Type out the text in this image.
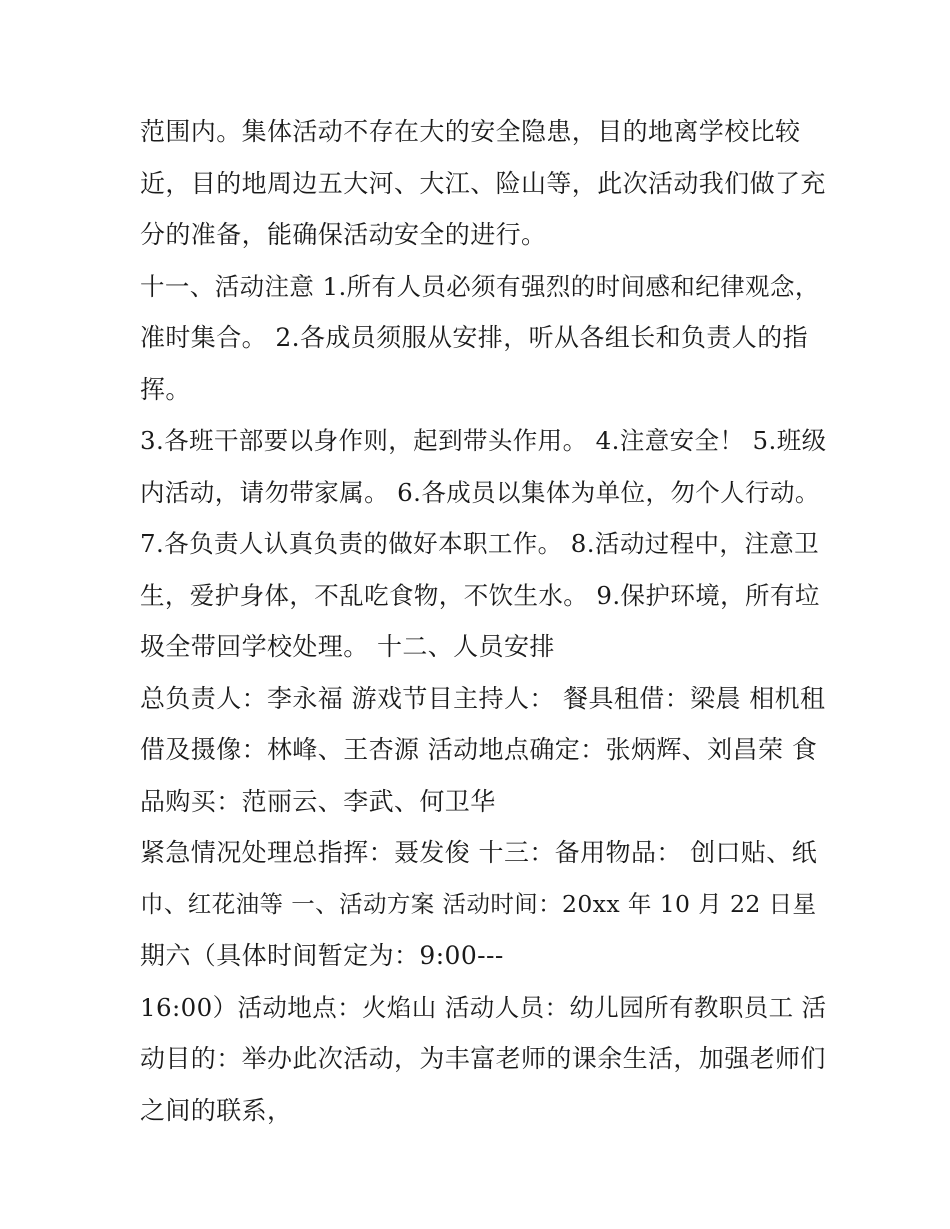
范围内。集体活动不存在大的安全隐患，目的地离学校比较
近，目的地周边五大河、大江、险山等，此次活动我们做了充
分的准备，能确保活动安全的进行。
十一、活动注意 1.所有人员必须有强烈的时间感和纪律观念，
准时集合。 2.各成员须服从安排，听从各组长和负责人的指
挥。
3.各班干部要以身作则，起到带头作用。 4.注意安全！ 5.班级
内活动，请勿带家属。 6.各成员以集体为单位，勿个人行动。
7.各负责人认真负责的做好本职工作。 8.活动过程中，注意卫
生，爱护身体，不乱吃食物，不饮生水。 9.保护环境，所有垃
圾全带回学校处理。 十二、人员安排
总负责人：李永福 游戏节目主持人： 餐具租借：梁晨 相机租
借及摄像：林峰、王杏源 活动地点确定：张炳辉、刘昌荣 食
品购买：范丽云、李武、何卫华
紧急情况处理总指挥：聂发俊 十三：备用物品： 创口贴、纸
巾、红花油等 一、活动方案 活动时间：20xx 年 10 月 22 日星
期六（具体时间暂定为：9:00---
16:00）活动地点：火焰山 活动人员：幼儿园所有教职员工 活
动目的：举办此次活动，为丰富老师的课余生活，加强老师们
之间的联系，
